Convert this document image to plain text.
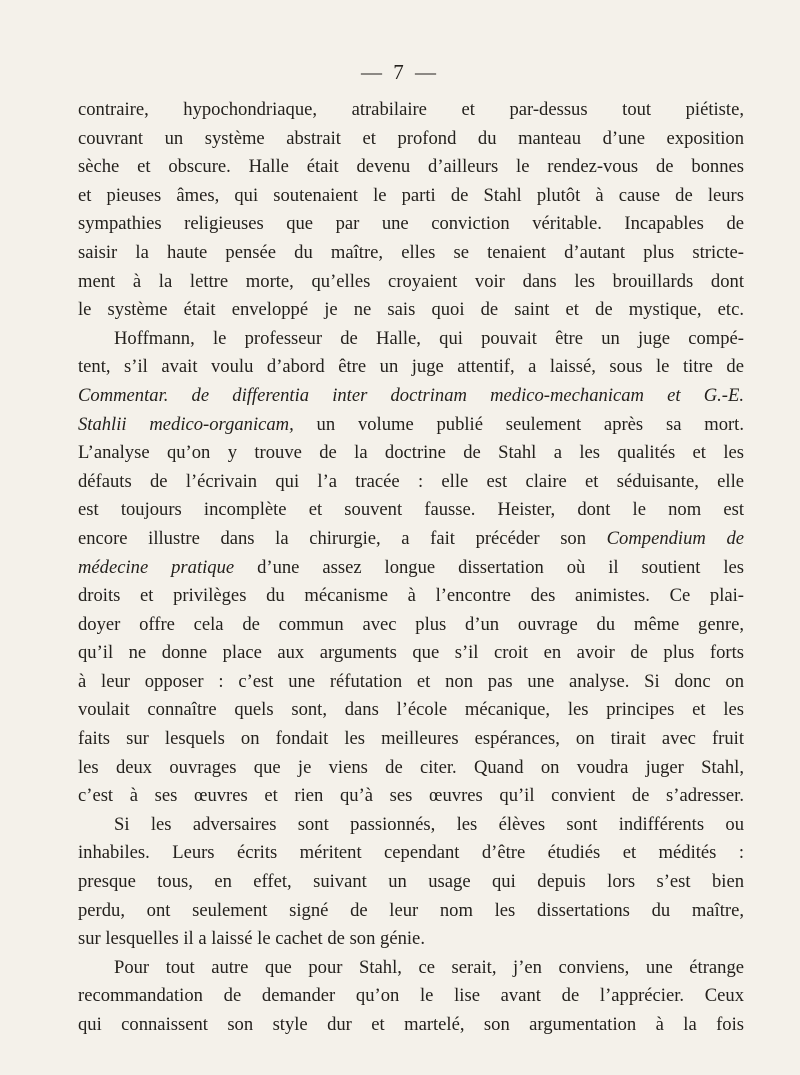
— 7 —
contraire, hypochondriaque, atrabilaire et par-dessus tout piétiste,
couvrant un système abstrait et profond du manteau d’une exposition
sèche et obscure. Halle était devenu d’ailleurs le rendez-vous de bonnes
et pieuses âmes, qui soutenaient le parti de Stahl plutôt à cause de leurs
sympathies religieuses que par une conviction véritable. Incapables de
saisir la haute pensée du maître, elles se tenaient d’autant plus stricte-
ment à la lettre morte, qu’elles croyaient voir dans les brouillards dont
le système était enveloppé je ne sais quoi de saint et de mystique, etc.
Hoffmann, le professeur de Halle, qui pouvait être un juge compé-
tent, s’il avait voulu d’abord être un juge attentif, a laissé, sous le titre de
Commentar. de differentia inter doctrinam medico-mechanicam et G.-E.
Stahlii medico-organicam, un volume publié seulement après sa mort.
L’analyse qu’on y trouve de la doctrine de Stahl a les qualités et les
défauts de l’écrivain qui l’a tracée : elle est claire et séduisante, elle
est toujours incomplète et souvent fausse. Heister, dont le nom est
encore illustre dans la chirurgie, a fait précéder son Compendium de
médecine pratique d’une assez longue dissertation où il soutient les
droits et privilèges du mécanisme à l’encontre des animistes. Ce plai-
doyer offre cela de commun avec plus d’un ouvrage du même genre,
qu’il ne donne place aux arguments que s’il croit en avoir de plus forts
à leur opposer : c’est une réfutation et non pas une analyse. Si donc on
voulait connaître quels sont, dans l’école mécanique, les principes et les
faits sur lesquels on fondait les meilleures espérances, on tirait avec fruit
les deux ouvrages que je viens de citer. Quand on voudra juger Stahl,
c’est à ses œuvres et rien qu’à ses œuvres qu’il convient de s’adresser.
Si les adversaires sont passionnés, les élèves sont indifférents ou
inhabiles. Leurs écrits méritent cependant d’être étudiés et médités :
presque tous, en effet, suivant un usage qui depuis lors s’est bien
perdu, ont seulement signé de leur nom les dissertations du maître,
sur lesquelles il a laissé le cachet de son génie.
Pour tout autre que pour Stahl, ce serait, j’en conviens, une étrange
recommandation de demander qu’on le lise avant de l’apprécier. Ceux
qui connaissent son style dur et martelé, son argumentation à la fois
